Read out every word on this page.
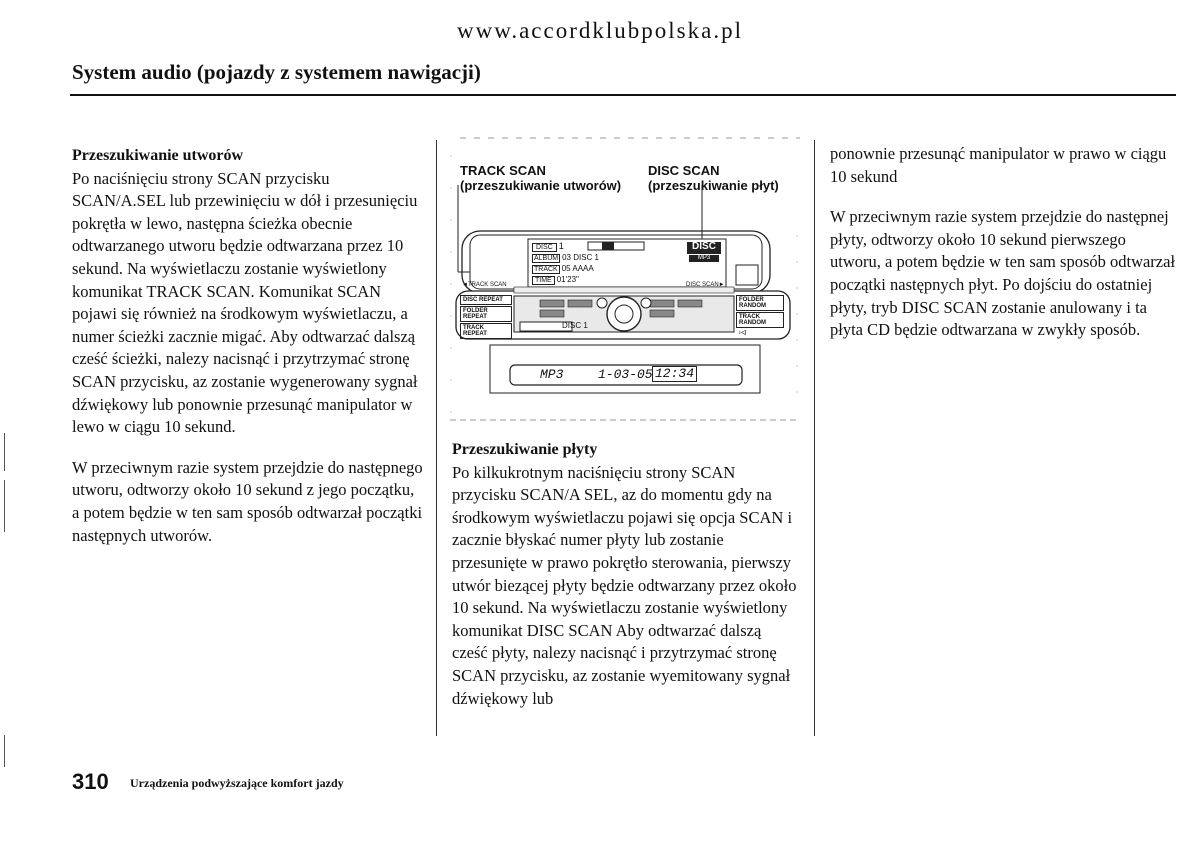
www.accordklubpolska.pl
System audio (pojazdy z systemem nawigacji)
Przeszukiwanie utworów

Po naciśnięciu strony SCAN przycisku SCAN/A.SEL lub przewinięciu w dół i przesunięciu pokrętła w lewo, następna ścieżka obecnie odtwarzanego utworu będzie odtwarzana przez 10 sekund. Na wyświetlaczu zostanie wyświetlony komunikat TRACK SCAN. Komunikat SCAN pojawi się również na środkowym wyświetlaczu, a numer ścieżki zacznie migać. Aby odtwarzać dalszą cześć ścieżki, nalezy nacisnąć i przytrzymać stronę SCAN przycisku, az zostanie wygenerowany sygnał dźwiękowy lub ponownie przesunąć manipulator w lewo w ciągu 10 sekund.

W przeciwnym razie system przejdzie do następnego utworu, odtworzy około 10 sekund z jego początku, a potem będzie w ten sam sposób odtwarzał początki następnych utworów.

TRACK SCAN
(przeszukiwanie utworów)
DISC SCAN
(przeszukiwanie płyt)
DISC 1
ALBUM 03 DISC 1
TRACK 05 AAAA
TIME 01'23"
DISC
MP3
◄TRACK SCAN	DISC SCAN►
DISC REPEAT
FOLDER REPEAT
TRACK REPEAT
FOLDER RANDOM
TRACK RANDOM
♪◁
DISC 1
MP3	1-03-05 12:34
Przeszukiwanie płyty

Po kilkukrotnym naciśnięciu strony SCAN przycisku SCAN/A SEL, az do momentu gdy na środkowym wyświetlaczu pojawi się opcja SCAN i zacznie błyskać numer płyty lub zostanie przesunięte w prawo pokrętło sterowania, pierwszy utwór biezącej płyty będzie odtwarzany przez około 10 sekund. Na wyświetlaczu zostanie wyświetlony komunikat DISC SCAN Aby odtwarzać dalszą cześć płyty, nalezy nacisnąć i przytrzymać stronę SCAN przycisku, az zostanie wyemitowany sygnał dźwiękowy lub

ponownie przesunąć manipulator w prawo w ciągu 10 sekund

W przeciwnym razie system przejdzie do następnej płyty, odtworzy około 10 sekund pierwszego utworu, a potem będzie w ten sam sposób odtwarzał początki następnych płyt. Po dojściu do ostatniej płyty, tryb DISC SCAN zostanie anulowany i ta płyta CD będzie odtwarzana w zwykły sposób.

310 Urządzenia podwyższające komfort jazdy
